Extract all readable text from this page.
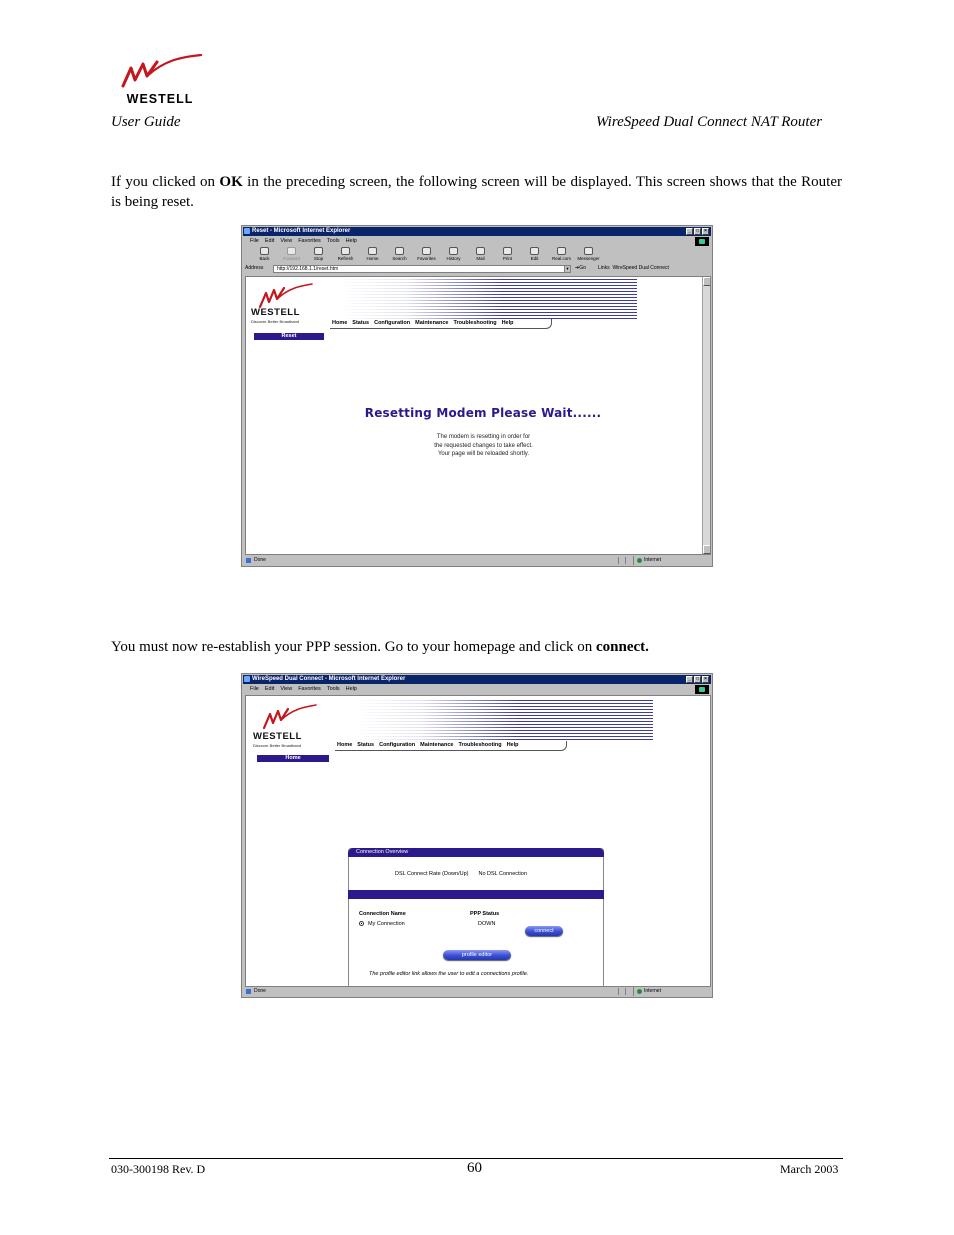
WESTELL
User Guide	WireSpeed Dual Connect NAT Router

If you clicked on OK in the preceding screen, the following screen will be displayed. This screen shows that the Router is being reset.

Reset - Microsoft Internet Explorer	_	□	×
File Edit View Favorites Tools Help
Back	Forward	Stop	Refresh	Home	Search	Favorites	History	Mail	Print	Edit	Real.com	Messenger
Address	http://192.168.1.1/reset.htm	▼ ➔Go Links WireSpeed Dual Connect
WESTELL
Discover Better Broadband	Home Status Configuration Maintenance Troubleshooting Help
Reset
Resetting Modem Please Wait......
The modem is resetting in order for
the requested changes to take effect.
Your page will be reloaded shortly.
Done	Internet

You must now re-establish your PPP session. Go to your homepage and click on connect.

WireSpeed Dual Connect - Microsoft Internet Explorer	_	□	×
File Edit View Favorites Tools Help
WESTELL
Discover Better Broadband	Home Status Configuration Maintenance Troubleshooting Help
Home
Connection Overview
DSL Connect Rate (Down/Up) No DSL Connection
Connection Name	PPP Status
My Connection	DOWN
connect
profile editor
The profile editor link allows the user to edit a connections profile.
Done	Internet
030-300198 Rev. D	60	March 2003
